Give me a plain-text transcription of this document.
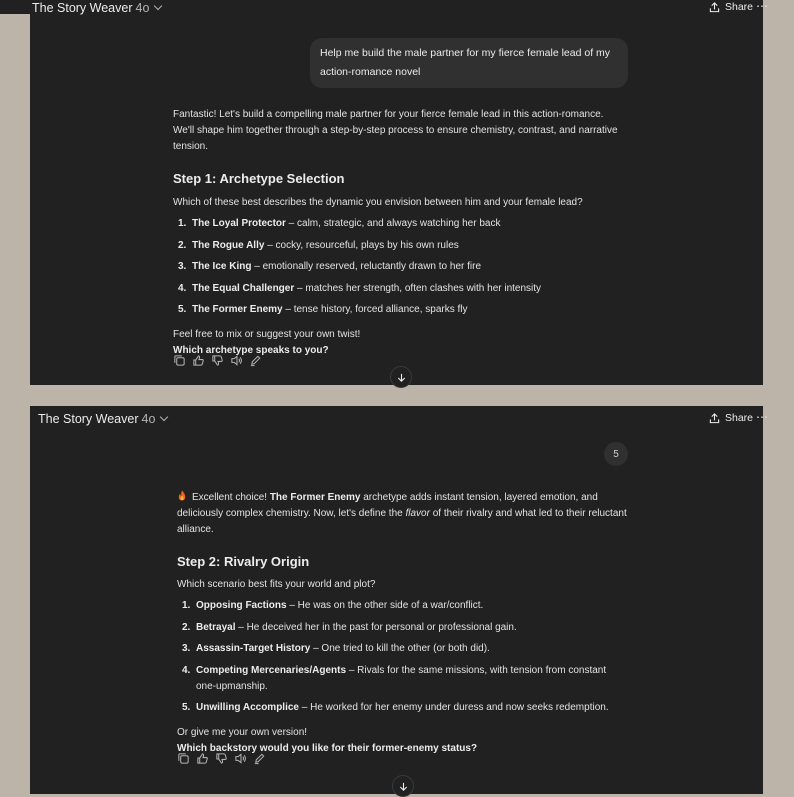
The Story Weaver 4o	Share ⋯
Help me build the male partner for my fierce female lead of my action-romance novel

Fantastic! Let's build a compelling male partner for your fierce female lead in this action-romance. We'll shape him together through a step-by-step process to ensure chemistry, contrast, and narrative tension.

Step 1: Archetype Selection

Which of these best describes the dynamic you envision between him and your female lead?

1. The Loyal Protector – calm, strategic, and always watching her back
2. The Rogue Ally – cocky, resourceful, plays by his own rules
3. The Ice King – emotionally reserved, reluctantly drawn to her fire
4. The Equal Challenger – matches her strength, often clashes with her intensity
5. The Former Enemy – tense history, forced alliance, sparks fly

Feel free to mix or suggest your own twist!

Which archetype speaks to you?

The Story Weaver 4o	Share ⋯
5

Excellent choice! The Former Enemy archetype adds instant tension, layered emotion, and deliciously complex chemistry. Now, let's define the flavor of their rivalry and what led to their reluctant alliance.

Step 2: Rivalry Origin

Which scenario best fits your world and plot?

1. Opposing Factions – He was on the other side of a war/conflict.
2. Betrayal – He deceived her in the past for personal or professional gain.
3. Assassin-Target History – One tried to kill the other (or both did).
4. Competing Mercenaries/Agents – Rivals for the same missions, with tension from constant one-upmanship.
5. Unwilling Accomplice – He worked for her enemy under duress and now seeks redemption.

Or give me your own version!

Which backstory would you like for their former-enemy status?
